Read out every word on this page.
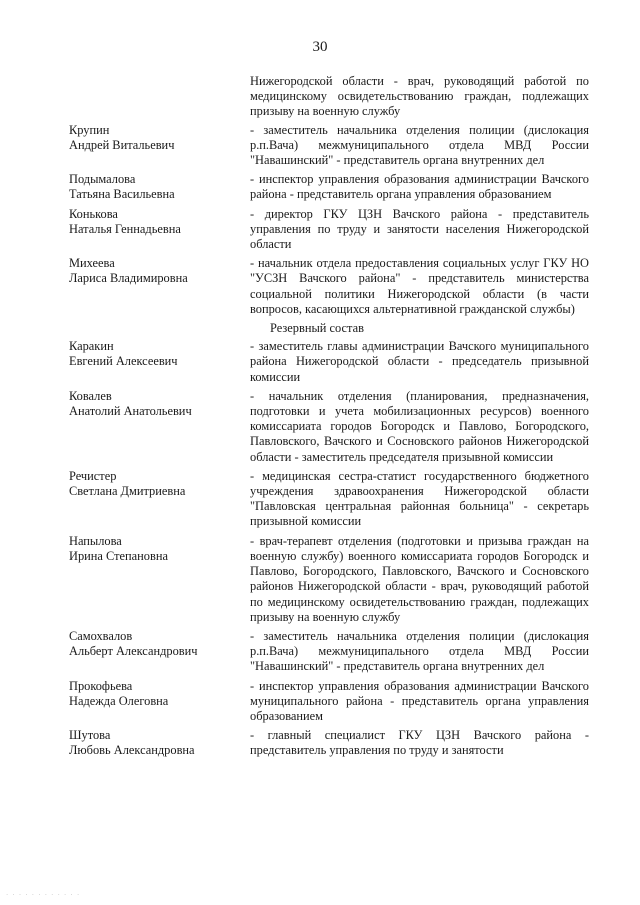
30
Нижегородской области - врач, руководящий работой по медицинскому освидетельствованию граждан, подлежащих призыву на военную службу
Крупин
Андрей Витальевич
- заместитель начальника отделения полиции (дислокация р.п.Вача) межмуниципального отдела МВД России "Навашинский" - представитель органа внутренних дел
Подымалова
Татьяна Васильевна
- инспектор управления образования администрации Вачского района - представитель органа управления образованием
Конькова
Наталья Геннадьевна
- директор ГКУ ЦЗН Вачского района - представитель управления по труду и занятости населения Нижегородской области
Михеева
Лариса Владимировна
- начальник отдела предоставления социальных услуг ГКУ НО "УСЗН Вачского района" - представитель министерства социальной политики Нижегородской области (в части вопросов, касающихся альтернативной гражданской службы)
Резервный состав
Каракин
Евгений Алексеевич
- заместитель главы администрации Вачского муниципального района Нижегородской области - председатель призывной комиссии
Ковалев
Анатолий Анатольевич
- начальник отделения (планирования, предназначения, подготовки и учета мобилизационных ресурсов) военного комиссариата городов Богородск и Павлово, Богородского, Павловского, Вачского и Сосновского районов Нижегородской области - заместитель председателя призывной комиссии
Речистер
Светлана Дмитриевна
- медицинская сестра-статист государственного бюджетного учреждения здравоохранения Нижегородской области "Павловская центральная районная больница" - секретарь призывной комиссии
Напылова
Ирина Степановна
- врач-терапевт отделения (подготовки и призыва граждан на военную службу) военного комиссариата городов Богородск и Павлово, Богородского, Павловского, Вачского и Сосновского районов Нижегородской области - врач, руководящий работой по медицинскому освидетельствованию граждан, подлежащих призыву на военную службу
Самохвалов
Альберт Александрович
- заместитель начальника отделения полиции (дислокация р.п.Вача) межмуниципального отдела МВД России "Навашинский" - представитель органа внутренних дел
Прокофьева
Надежда Олеговна
- инспектор управления образования администрации Вачского муниципального района - представитель органа управления образованием
Шутова
Любовь Александровна
- главный специалист ГКУ ЦЗН Вачского района - представитель управления по труду и занятости
· · · · · · · · · · · ·
